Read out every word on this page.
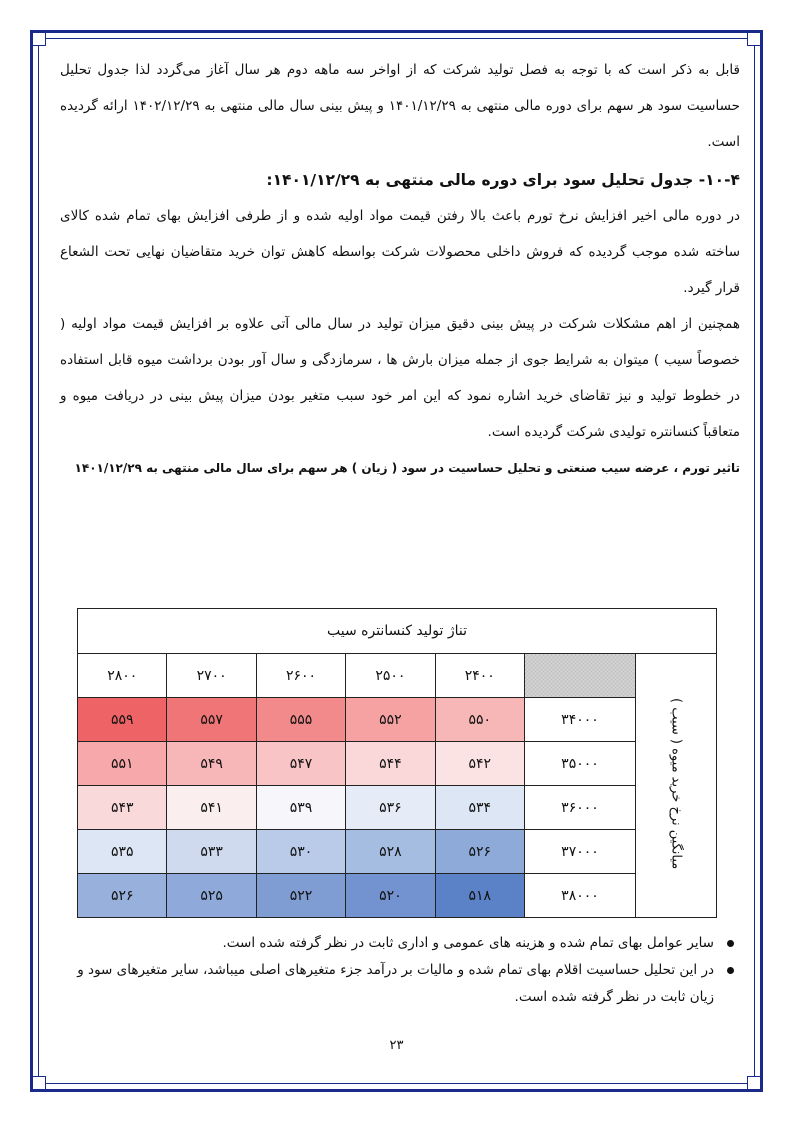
قابل به ذکر است که با توجه به فصل تولید شرکت که از اواخر سه ماهه دوم هر سال آغاز می‌گردد لذا جدول تحلیل حساسیت سود هر سهم برای دوره مالی منتهی به ۱۴۰۱/۱۲/۲۹ و پیش بینی سال مالی منتهی به ۱۴۰۲/۱۲/۲۹ ارائه گردیده است.

۱۰-۴- جدول تحلیل سود برای دوره مالی منتهی به ۱۴۰۱/۱۲/۲۹:

در دوره مالی اخیر افزایش نرخ تورم باعث بالا رفتن قیمت مواد اولیه شده و از طرفی افزایش بهای تمام شده کالای ساخته شده موجب گردیده که فروش داخلی محصولات شرکت بواسطه کاهش توان خرید متقاضیان نهایی تحت الشعاع قرار گیرد.

همچنین از اهم مشکلات شرکت در پیش بینی دقیق میزان تولید در سال مالی آتی علاوه بر افزایش قیمت مواد اولیه ( خصوصاً سیب ) میتوان به شرایط جوی از جمله میزان بارش ها ، سرمازدگی و سال آور بودن برداشت میوه قابل استفاده در خطوط تولید و نیز تقاضای خرید اشاره نمود که این امر خود سبب متغیر بودن میزان پیش بینی در دریافت میوه و متعاقباً کنسانتره تولیدی شرکت گردیده است.

تاثیر تورم ، عرضه سیب صنعتی و تحلیل حساسیت در سود ( زیان ) هر سهم برای سال مالی منتهی به ۱۴۰۱/۱۲/۲۹

تناژ تولید کنسانتره سیب						
میانگین نرخ خرید میوه ( سیب )		۲۴۰۰	۲۵۰۰	۲۶۰۰	۲۷۰۰	۲۸۰۰
	۳۴۰۰۰	۵۵۰	۵۵۲	۵۵۵	۵۵۷	۵۵۹
	۳۵۰۰۰	۵۴۲	۵۴۴	۵۴۷	۵۴۹	۵۵۱
	۳۶۰۰۰	۵۳۴	۵۳۶	۵۳۹	۵۴۱	۵۴۳
	۳۷۰۰۰	۵۲۶	۵۲۸	۵۳۰	۵۳۳	۵۳۵
	۳۸۰۰۰	۵۱۸	۵۲۰	۵۲۲	۵۲۵	۵۲۶
سایر عوامل بهای تمام شده و هزینه های عمومی و اداری ثابت در نظر گرفته شده است.
در این تحلیل حساسیت اقلام بهای تمام شده و مالیات بر درآمد جزء متغیرهای اصلی میباشد، سایر متغیرهای سود و زیان ثابت در نظر گرفته شده است.
۲۳
